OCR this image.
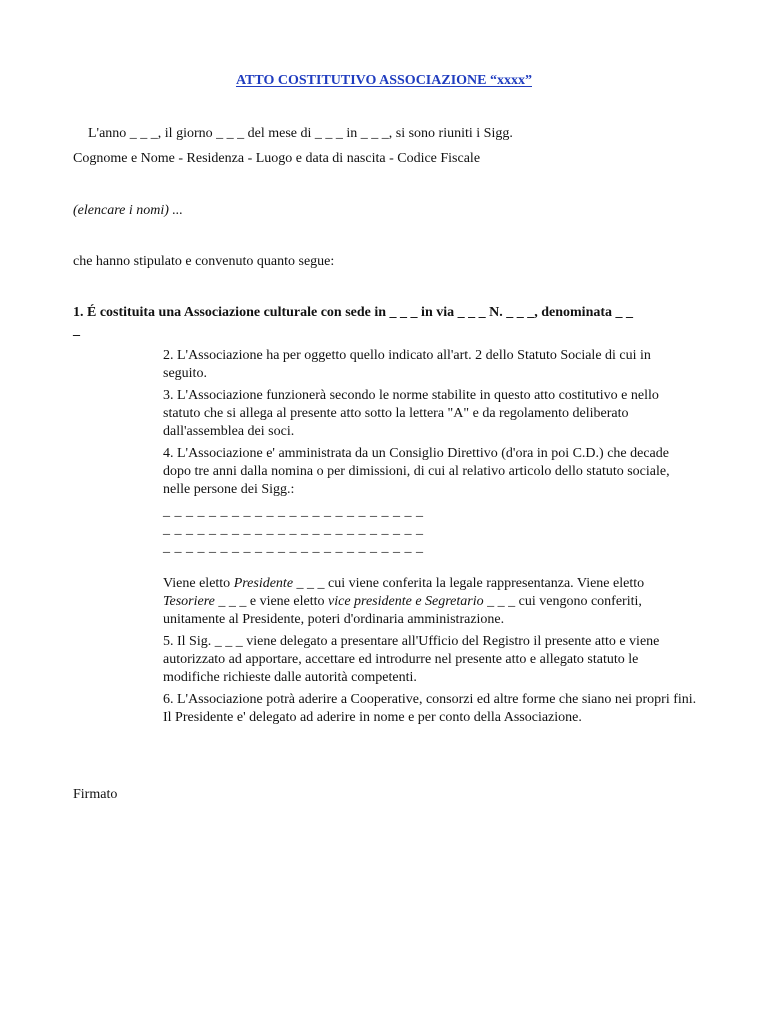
ATTO COSTITUTIVO ASSOCIAZIONE “xxxx”
L'anno _ _ _, il giorno _ _ _ del mese di _ _ _ in _ _ _, si sono riuniti i Sigg.
Cognome e Nome - Residenza - Luogo e data di nascita - Codice Fiscale
(elencare i nomi) ...
che hanno stipulato e convenuto quanto segue:
1. É costituita una Associazione culturale con sede in _ _ _ in via _ _ _ N. _ _ _, denominata _ _
_

2. L'Associazione ha per oggetto quello indicato all'art. 2 dello Statuto Sociale di cui in seguito.

3. L'Associazione funzionerà secondo le norme stabilite in questo atto costitutivo e nello statuto che si allega al presente atto sotto la lettera "A" e da regolamento deliberato dall'assemblea dei soci.

4. L'Associazione e' amministrata da un Consiglio Direttivo (d'ora in poi C.D.) che decade dopo tre anni dalla nomina o per dimissioni, di cui al relativo articolo dello statuto sociale, nelle persone dei Sigg.:

_ _ _ _ _ _ _ _ _ _ _ _ _ _ _ _ _ _ _ _ _ _ _
_ _ _ _ _ _ _ _ _ _ _ _ _ _ _ _ _ _ _ _ _ _ _
_ _ _ _ _ _ _ _ _ _ _ _ _ _ _ _ _ _ _ _ _ _ _

Viene eletto Presidente _ _ _ cui viene conferita la legale rappresentanza. Viene eletto Tesoriere _ _ _ e viene eletto vice presidente e Segretario _ _ _ cui vengono conferiti, unitamente al Presidente, poteri d'ordinaria amministrazione.

5. Il Sig. _ _ _ viene delegato a presentare all'Ufficio del Registro il presente atto e viene autorizzato ad apportare, accettare ed introdurre nel presente atto e allegato statuto le modifiche richieste dalle autorità competenti.

6. L'Associazione potrà aderire a Cooperative, consorzi ed altre forme che siano nei propri fini. Il Presidente e' delegato ad aderire in nome e per conto della Associazione.

Firmato
